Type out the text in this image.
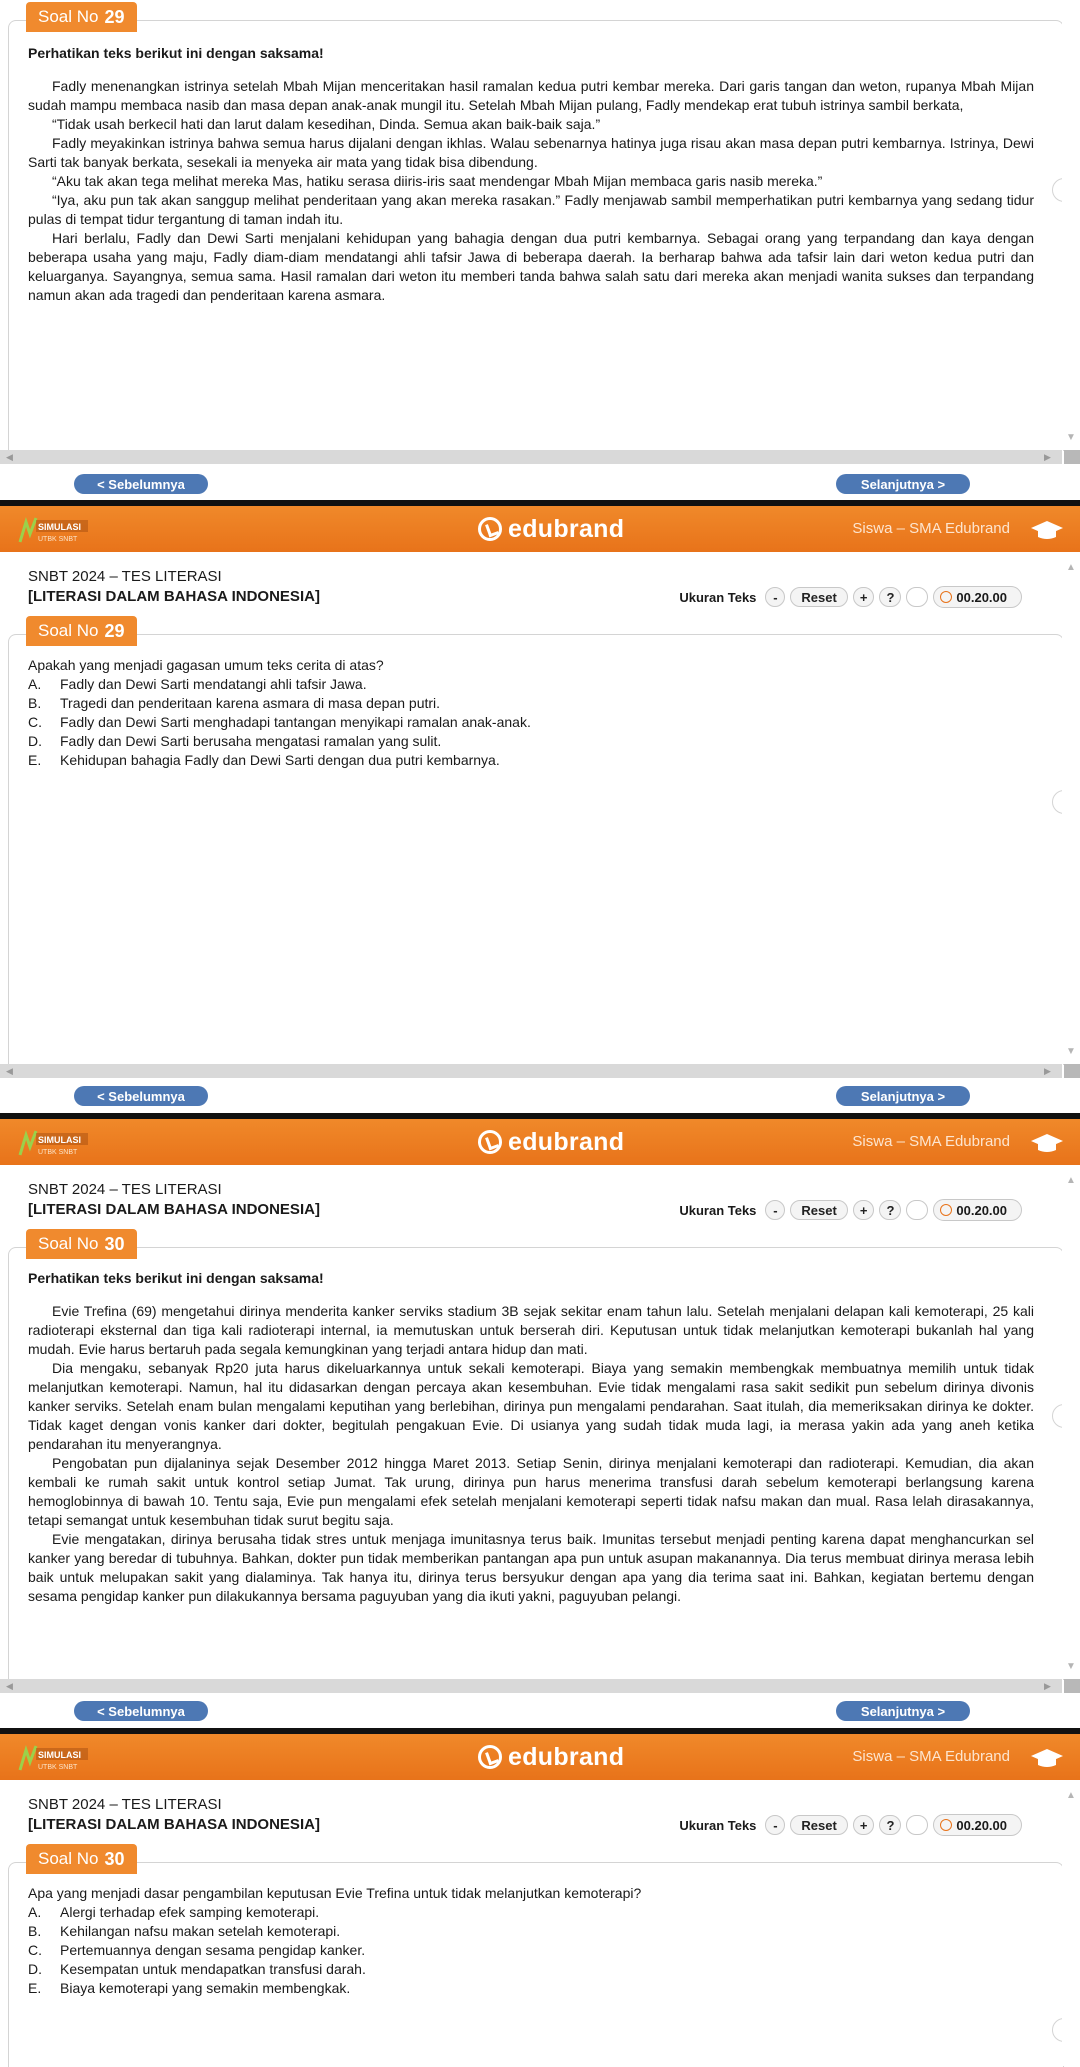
Soal No 29

Perhatikan teks berikut ini dengan saksama!

Fadly menenangkan istrinya setelah Mbah Mijan menceritakan hasil ramalan kedua putri kembar mereka. Dari garis tangan dan weton, rupanya Mbah Mijan sudah mampu membaca nasib dan masa depan anak-anak mungil itu. Setelah Mbah Mijan pulang, Fadly mendekap erat tubuh istrinya sambil berkata,

“Tidak usah berkecil hati dan larut dalam kesedihan, Dinda. Semua akan baik-baik saja.”

Fadly meyakinkan istrinya bahwa semua harus dijalani dengan ikhlas. Walau sebenarnya hatinya juga risau akan masa depan putri kembarnya. Istrinya, Dewi Sarti tak banyak berkata, sesekali ia menyeka air mata yang tidak bisa dibendung.

“Aku tak akan tega melihat mereka Mas, hatiku serasa diiris-iris saat mendengar Mbah Mijan membaca garis nasib mereka.”

“Iya, aku pun tak akan sanggup melihat penderitaan yang akan mereka rasakan.” Fadly menjawab sambil memperhatikan putri kembarnya yang sedang tidur pulas di tempat tidur tergantung di taman indah itu.

Hari berlalu, Fadly dan Dewi Sarti menjalani kehidupan yang bahagia dengan dua putri kembarnya. Sebagai orang yang terpandang dan kaya dengan beberapa usaha yang maju, Fadly diam-diam mendatangi ahli tafsir Jawa di beberapa daerah. Ia berharap bahwa ada tafsir lain dari weton kedua putri dan keluarganya. Sayangnya, semua sama. Hasil ramalan dari weton itu memberi tanda bahwa salah satu dari mereka akan menjadi wanita sukses dan terpandang namun akan ada tragedi dan penderitaan karena asmara.

▼
◀	▶
< Sebelumnya	Selanjutnya >
SIMULASI
UTBK SNBT	edubrand	Siswa – SMA Edubrand
SNBT 2024 – TES LITERASI
[LITERASI DALAM BAHASA INDONESIA]	Ukuran Teks	-	Reset	+	?	00.20.00
Soal No 29

Apakah yang menjadi gagasan umum teks cerita di atas?

A.	Fadly dan Dewi Sarti mendatangi ahli tafsir Jawa.
B.	Tragedi dan penderitaan karena asmara di masa depan putri.
C.	Fadly dan Dewi Sarti menghadapi tantangan menyikapi ramalan anak-anak.
D.	Fadly dan Dewi Sarti berusaha mengatasi ramalan yang sulit.
E.	Kehidupan bahagia Fadly dan Dewi Sarti dengan dua putri kembarnya.
▲
▼
◀	▶
< Sebelumnya	Selanjutnya >
SIMULASI
UTBK SNBT	edubrand	Siswa – SMA Edubrand
SNBT 2024 – TES LITERASI
[LITERASI DALAM BAHASA INDONESIA]	Ukuran Teks	-	Reset	+	?	00.20.00
Soal No 30

Perhatikan teks berikut ini dengan saksama!

Evie Trefina (69) mengetahui dirinya menderita kanker serviks stadium 3B sejak sekitar enam tahun lalu. Setelah menjalani delapan kali kemoterapi, 25 kali radioterapi eksternal dan tiga kali radioterapi internal, ia memutuskan untuk berserah diri. Keputusan untuk tidak melanjutkan kemoterapi bukanlah hal yang mudah. Evie harus bertaruh pada segala kemungkinan yang terjadi antara hidup dan mati.

Dia mengaku, sebanyak Rp20 juta harus dikeluarkannya untuk sekali kemoterapi. Biaya yang semakin membengkak membuatnya memilih untuk tidak melanjutkan kemoterapi. Namun, hal itu didasarkan dengan percaya akan kesembuhan. Evie tidak mengalami rasa sakit sedikit pun sebelum dirinya divonis kanker serviks. Setelah enam bulan mengalami keputihan yang berlebihan, dirinya pun mengalami pendarahan. Saat itulah, dia memeriksakan dirinya ke dokter. Tidak kaget dengan vonis kanker dari dokter, begitulah pengakuan Evie. Di usianya yang sudah tidak muda lagi, ia merasa yakin ada yang aneh ketika pendarahan itu menyerangnya.

Pengobatan pun dijalaninya sejak Desember 2012 hingga Maret 2013. Setiap Senin, dirinya menjalani kemoterapi dan radioterapi. Kemudian, dia akan kembali ke rumah sakit untuk kontrol setiap Jumat. Tak urung, dirinya pun harus menerima transfusi darah sebelum kemoterapi berlangsung karena hemoglobinnya di bawah 10. Tentu saja, Evie pun mengalami efek setelah menjalani kemoterapi seperti tidak nafsu makan dan mual. Rasa lelah dirasakannya, tetapi semangat untuk kesembuhan tidak surut begitu saja.

Evie mengatakan, dirinya berusaha tidak stres untuk menjaga imunitasnya terus baik. Imunitas tersebut menjadi penting karena dapat menghancurkan sel kanker yang beredar di tubuhnya. Bahkan, dokter pun tidak memberikan pantangan apa pun untuk asupan makanannya. Dia terus membuat dirinya merasa lebih baik untuk melupakan sakit yang dialaminya. Tak hanya itu, dirinya terus bersyukur dengan apa yang dia terima saat ini. Bahkan, kegiatan bertemu dengan sesama pengidap kanker pun dilakukannya bersama paguyuban yang dia ikuti yakni, paguyuban pelangi.

▲
▼
◀	▶
< Sebelumnya	Selanjutnya >
SIMULASI
UTBK SNBT	edubrand	Siswa – SMA Edubrand
SNBT 2024 – TES LITERASI
[LITERASI DALAM BAHASA INDONESIA]	Ukuran Teks	-	Reset	+	?	00.20.00
Soal No 30

Apa yang menjadi dasar pengambilan keputusan Evie Trefina untuk tidak melanjutkan kemoterapi?

A.	Alergi terhadap efek samping kemoterapi.
B.	Kehilangan nafsu makan setelah kemoterapi.
C.	Pertemuannya dengan sesama pengidap kanker.
D.	Kesempatan untuk mendapatkan transfusi darah.
E.	Biaya kemoterapi yang semakin membengkak.
▲
